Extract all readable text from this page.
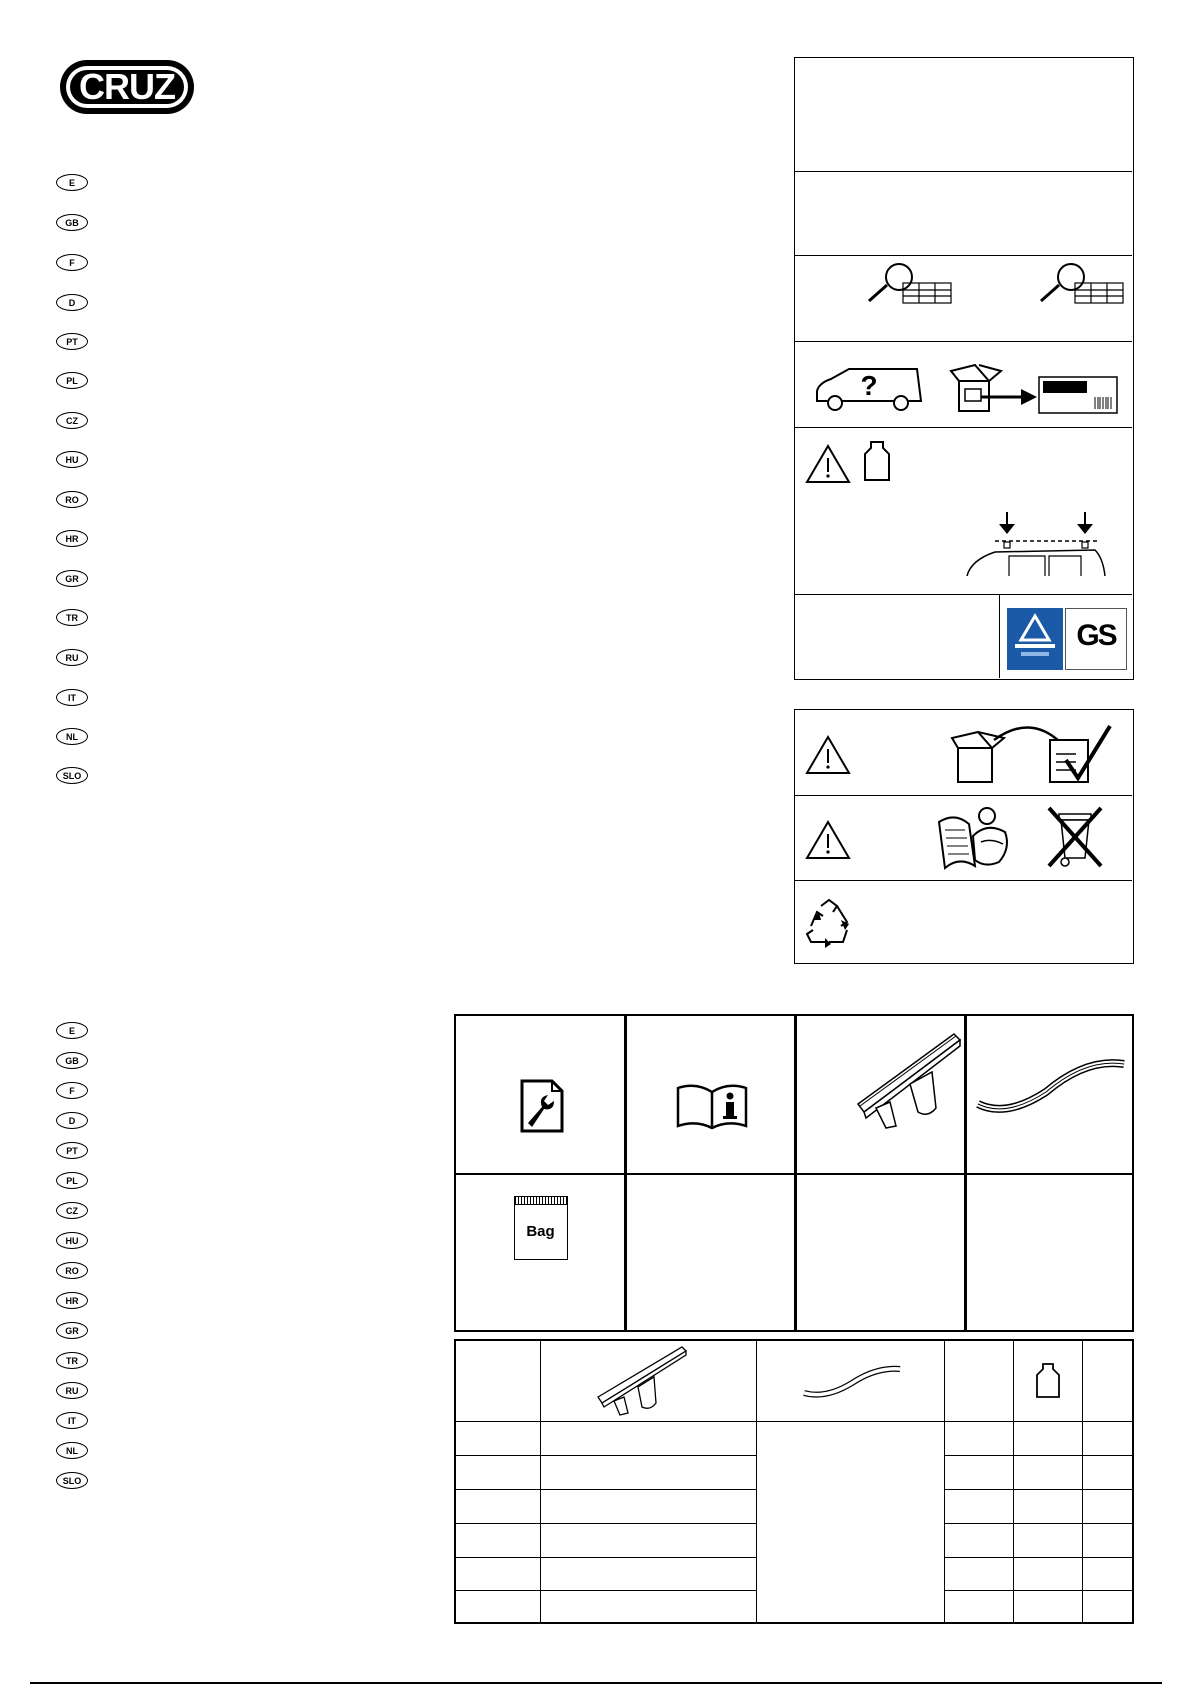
CRUZ
E
GB
F
D
PT
PL
CZ
HU
RO
HR
GR
TR
RU
IT
NL
SLO
?
GS
E
GB
F
D
PT
PL
CZ
HU
RO
HR
GR
TR
RU
IT
NL
SLO
Bag
